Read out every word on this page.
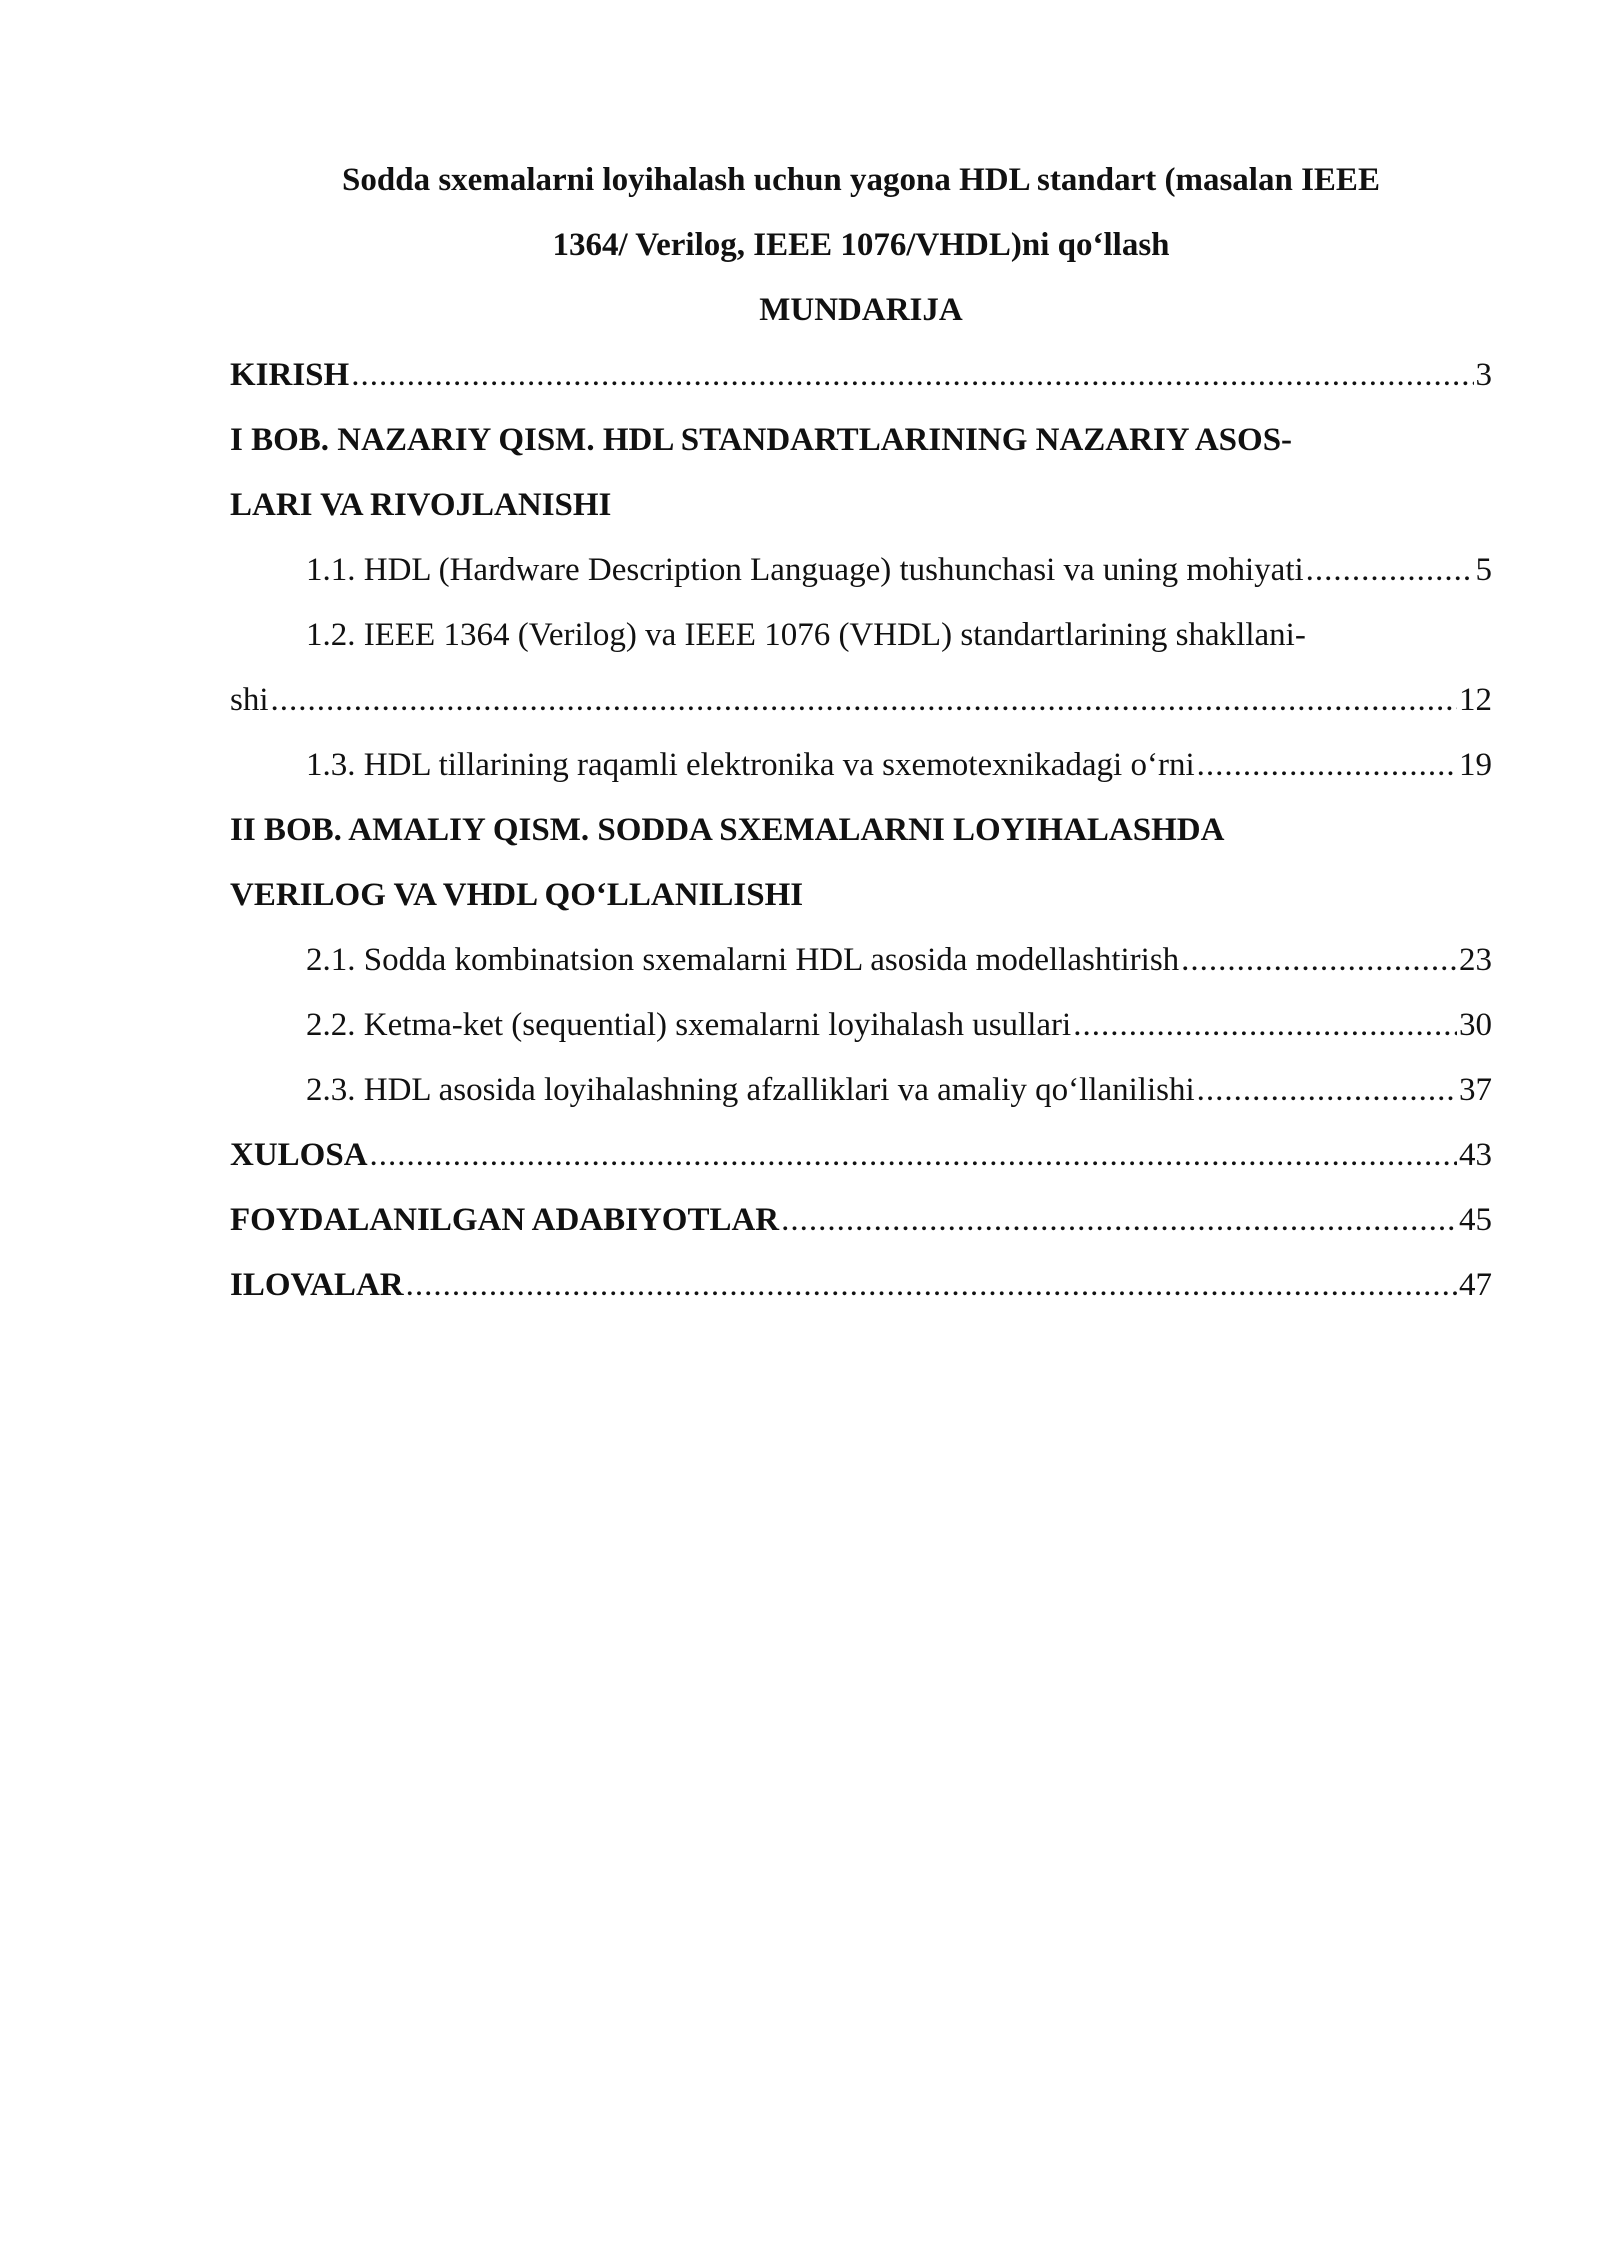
Sodda sxemalarni loyihalash uchun yagona HDL standart (masalan IEEE
1364/ Verilog, IEEE 1076/VHDL)ni qo‘llash
MUNDARIJA
KIRISH .....	3
I BOB. NAZARIY QISM. HDL STANDARTLARINING NAZARIY ASOS-
LARI VA RIVOJLANISHI
1.1. HDL (Hardware Description Language) tushunchasi va uning mohiyati .....	5
1.2. IEEE 1364 (Verilog) va IEEE 1076 (VHDL) standartlarining shakllani-
shi .....	12
1.3. HDL tillarining raqamli elektronika va sxemotexnikadagi o‘rni .....	19
II BOB. AMALIY QISM. SODDA SXEMALARNI LOYIHALASHDA
VERILOG VA VHDL QO‘LLANILISHI
2.1. Sodda kombinatsion sxemalarni HDL asosida modellashtirish .....	23
2.2. Ketma-ket (sequential) sxemalarni loyihalash usullari .....	30
2.3. HDL asosida loyihalashning afzalliklari va amaliy qo‘llanilishi .....	37
XULOSA .....	43
FOYDALANILGAN ADABIYOTLAR .....	45
ILOVALAR .....	47
